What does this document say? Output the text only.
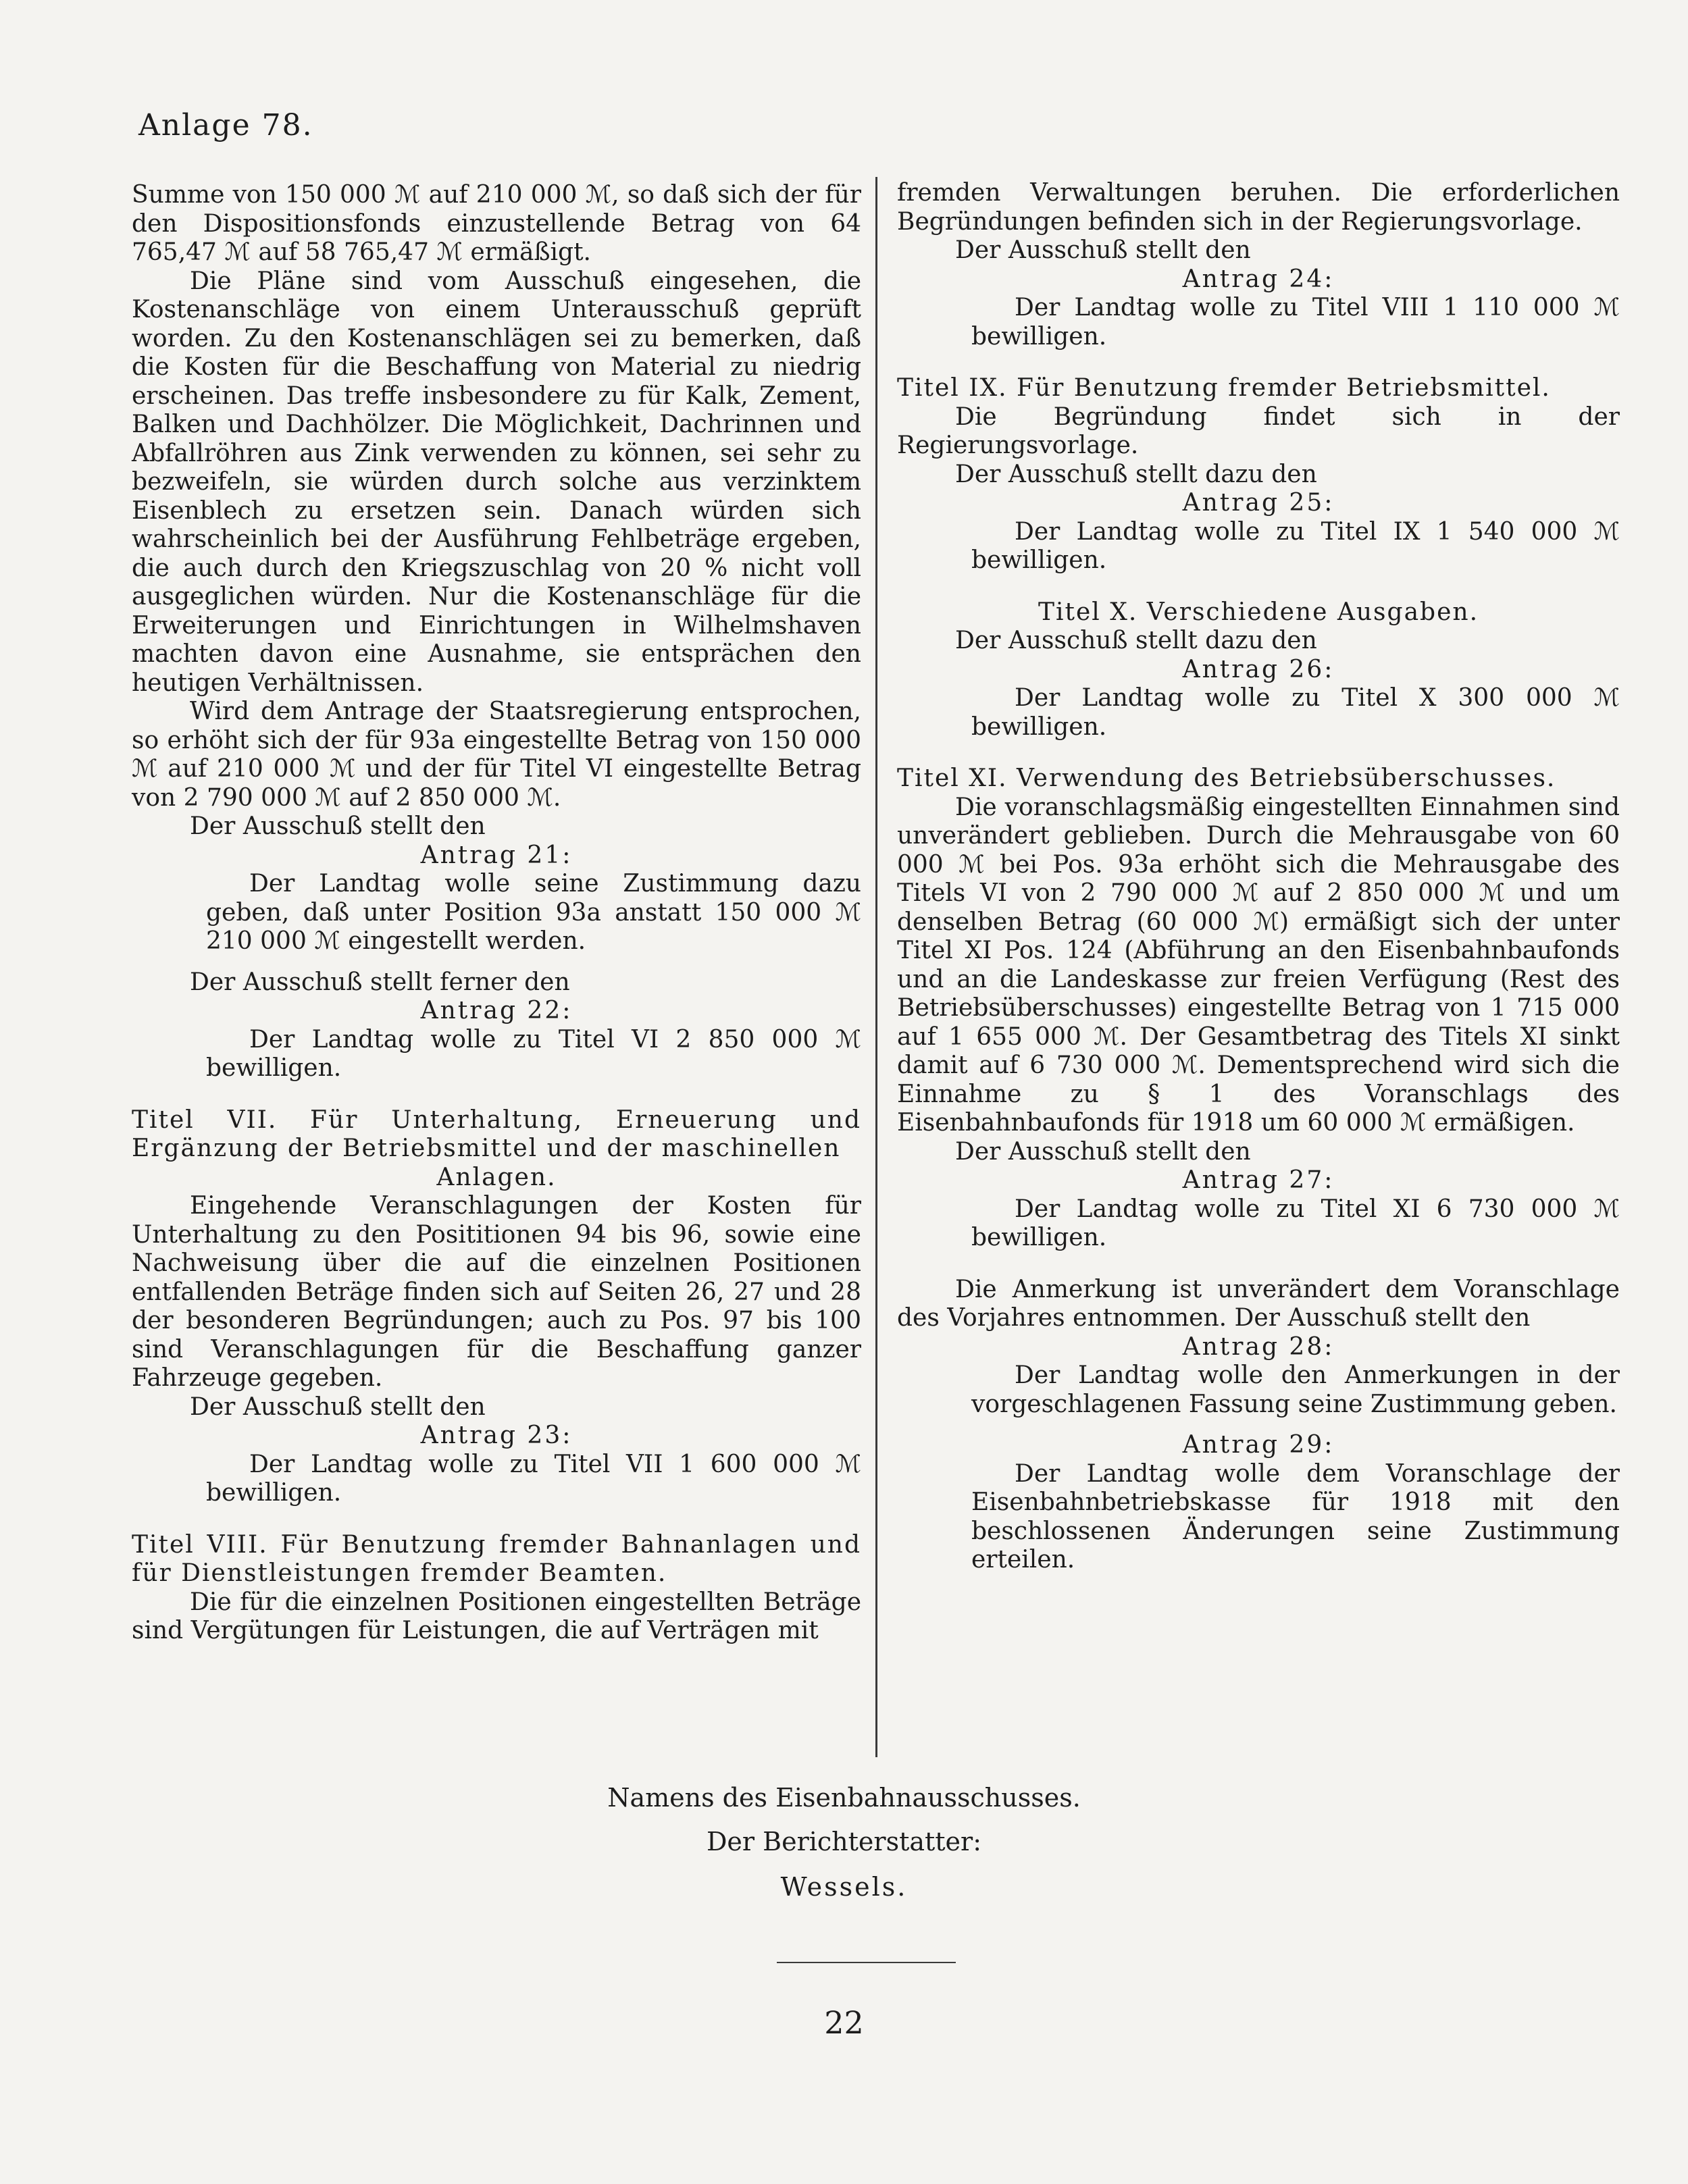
Anlage 78.

Summe von 150 000 ℳ auf 210 000 ℳ, so daß sich der für den Dispositionsfonds einzustellende Betrag von 64 765,47 ℳ auf 58 765,47 ℳ ermäßigt.

Die Pläne sind vom Ausschuß eingesehen, die Kostenanschläge von einem Unterausschuß geprüft worden. Zu den Kostenanschlägen sei zu bemerken, daß die Kosten für die Beschaffung von Material zu niedrig erscheinen. Das treffe insbesondere zu für Kalk, Zement, Balken und Dachhölzer. Die Möglichkeit, Dachrinnen und Abfallröhren aus Zink verwenden zu können, sei sehr zu bezweifeln, sie würden durch solche aus verzinktem Eisenblech zu ersetzen sein. Danach würden sich wahrscheinlich bei der Ausführung Fehlbeträge ergeben, die auch durch den Kriegszuschlag von 20 % nicht voll ausgeglichen würden. Nur die Kostenanschläge für die Erweiterungen und Einrichtungen in Wilhelmshaven machten davon eine Ausnahme, sie entsprächen den heutigen Verhältnissen.

Wird dem Antrage der Staatsregierung entsprochen, so erhöht sich der für 93a eingestellte Betrag von 150 000 ℳ auf 210 000 ℳ und der für Titel VI eingestellte Betrag von 2 790 000 ℳ auf 2 850 000 ℳ.

Der Ausschuß stellt den

Antrag 21:

Der Landtag wolle seine Zustimmung dazu geben, daß unter Position 93a anstatt 150 000 ℳ 210 000 ℳ eingestellt werden.

Der Ausschuß stellt ferner den

Antrag 22:

Der Landtag wolle zu Titel VI 2 850 000 ℳ bewilligen.

Titel VII. Für Unterhaltung, Erneuerung und Ergänzung der Betriebsmittel und der maschinellen

Anlagen.

Eingehende Veranschlagungen der Kosten für Unterhaltung zu den Posititionen 94 bis 96, sowie eine Nachweisung über die auf die einzelnen Positionen entfallenden Beträge finden sich auf Seiten 26, 27 und 28 der besonderen Begründungen; auch zu Pos. 97 bis 100 sind Veranschlagungen für die Beschaffung ganzer Fahrzeuge gegeben.

Der Ausschuß stellt den

Antrag 23:

Der Landtag wolle zu Titel VII 1 600 000 ℳ bewilligen.

Titel VIII. Für Benutzung fremder Bahnanlagen und für Dienstleistungen fremder Beamten.

Die für die einzelnen Positionen eingestellten Beträge sind Vergütungen für Leistungen, die auf Verträgen mit

fremden Verwaltungen beruhen. Die erforderlichen Begründungen befinden sich in der Regierungsvorlage.

Der Ausschuß stellt den

Antrag 24:

Der Landtag wolle zu Titel VIII 1 110 000 ℳ bewilligen.

Titel IX. Für Benutzung fremder Betriebsmittel.

Die Begründung findet sich in der Regierungsvorlage.

Der Ausschuß stellt dazu den

Antrag 25:

Der Landtag wolle zu Titel IX 1 540 000 ℳ bewilligen.

Titel X. Verschiedene Ausgaben.

Der Ausschuß stellt dazu den

Antrag 26:

Der Landtag wolle zu Titel X 300 000 ℳ bewilligen.

Titel XI. Verwendung des Betriebsüberschusses.

Die voranschlagsmäßig eingestellten Einnahmen sind unverändert geblieben. Durch die Mehrausgabe von 60 000 ℳ bei Pos. 93a erhöht sich die Mehrausgabe des Titels VI von 2 790 000 ℳ auf 2 850 000 ℳ und um denselben Betrag (60 000 ℳ) ermäßigt sich der unter Titel XI Pos. 124 (Abführung an den Eisenbahnbaufonds und an die Landeskasse zur freien Verfügung (Rest des Betriebsüberschusses) eingestellte Betrag von 1 715 000 auf 1 655 000 ℳ. Der Gesamtbetrag des Titels XI sinkt damit auf 6 730 000 ℳ. Dementsprechend wird sich die Einnahme zu § 1 des Voranschlags des Eisenbahnbaufonds für 1918 um 60 000 ℳ ermäßigen.

Der Ausschuß stellt den

Antrag 27:

Der Landtag wolle zu Titel XI 6 730 000 ℳ bewilligen.

Die Anmerkung ist unverändert dem Voranschlage des Vorjahres entnommen. Der Ausschuß stellt den

Antrag 28:

Der Landtag wolle den Anmerkungen in der vorgeschlagenen Fassung seine Zustimmung geben.

Antrag 29:

Der Landtag wolle dem Voranschlage der Eisenbahnbetriebskasse für 1918 mit den beschlossenen Änderungen seine Zustimmung erteilen.

Namens des Eisenbahnausschusses.
Der Berichterstatter:
Wessels.
22
